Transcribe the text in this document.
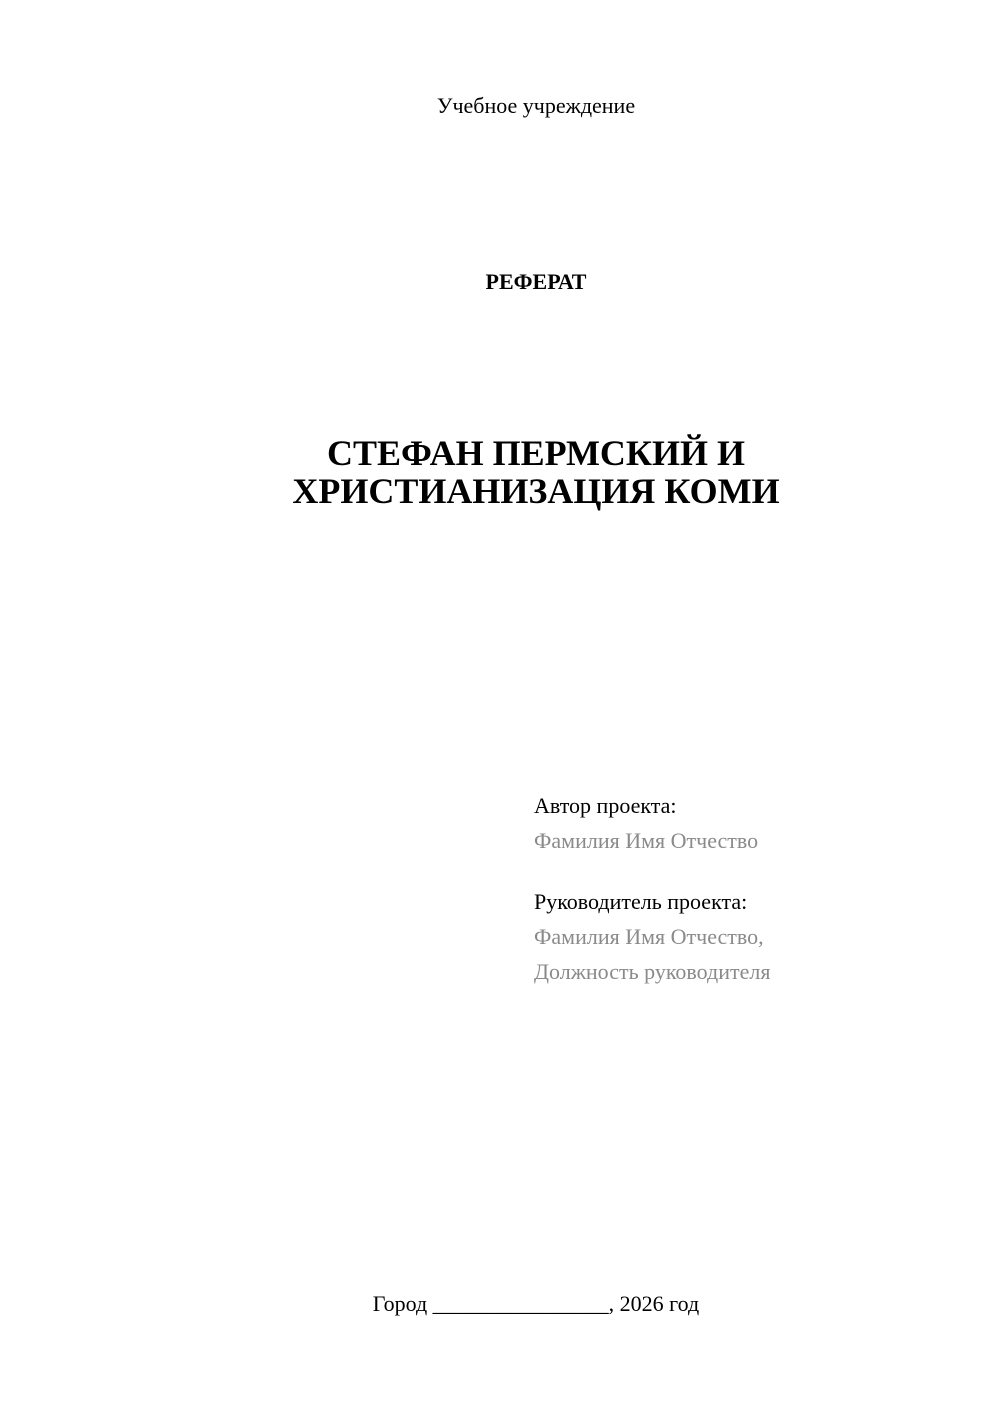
Учебное учреждение
РЕФЕРАТ
СТЕФАН ПЕРМСКИЙ И
ХРИСТИАНИЗАЦИЯ КОМИ
Автор проекта:
Фамилия Имя Отчество
Руководитель проекта:
Фамилия Имя Отчество,
Должность руководителя
Город ________________, 2026 год
